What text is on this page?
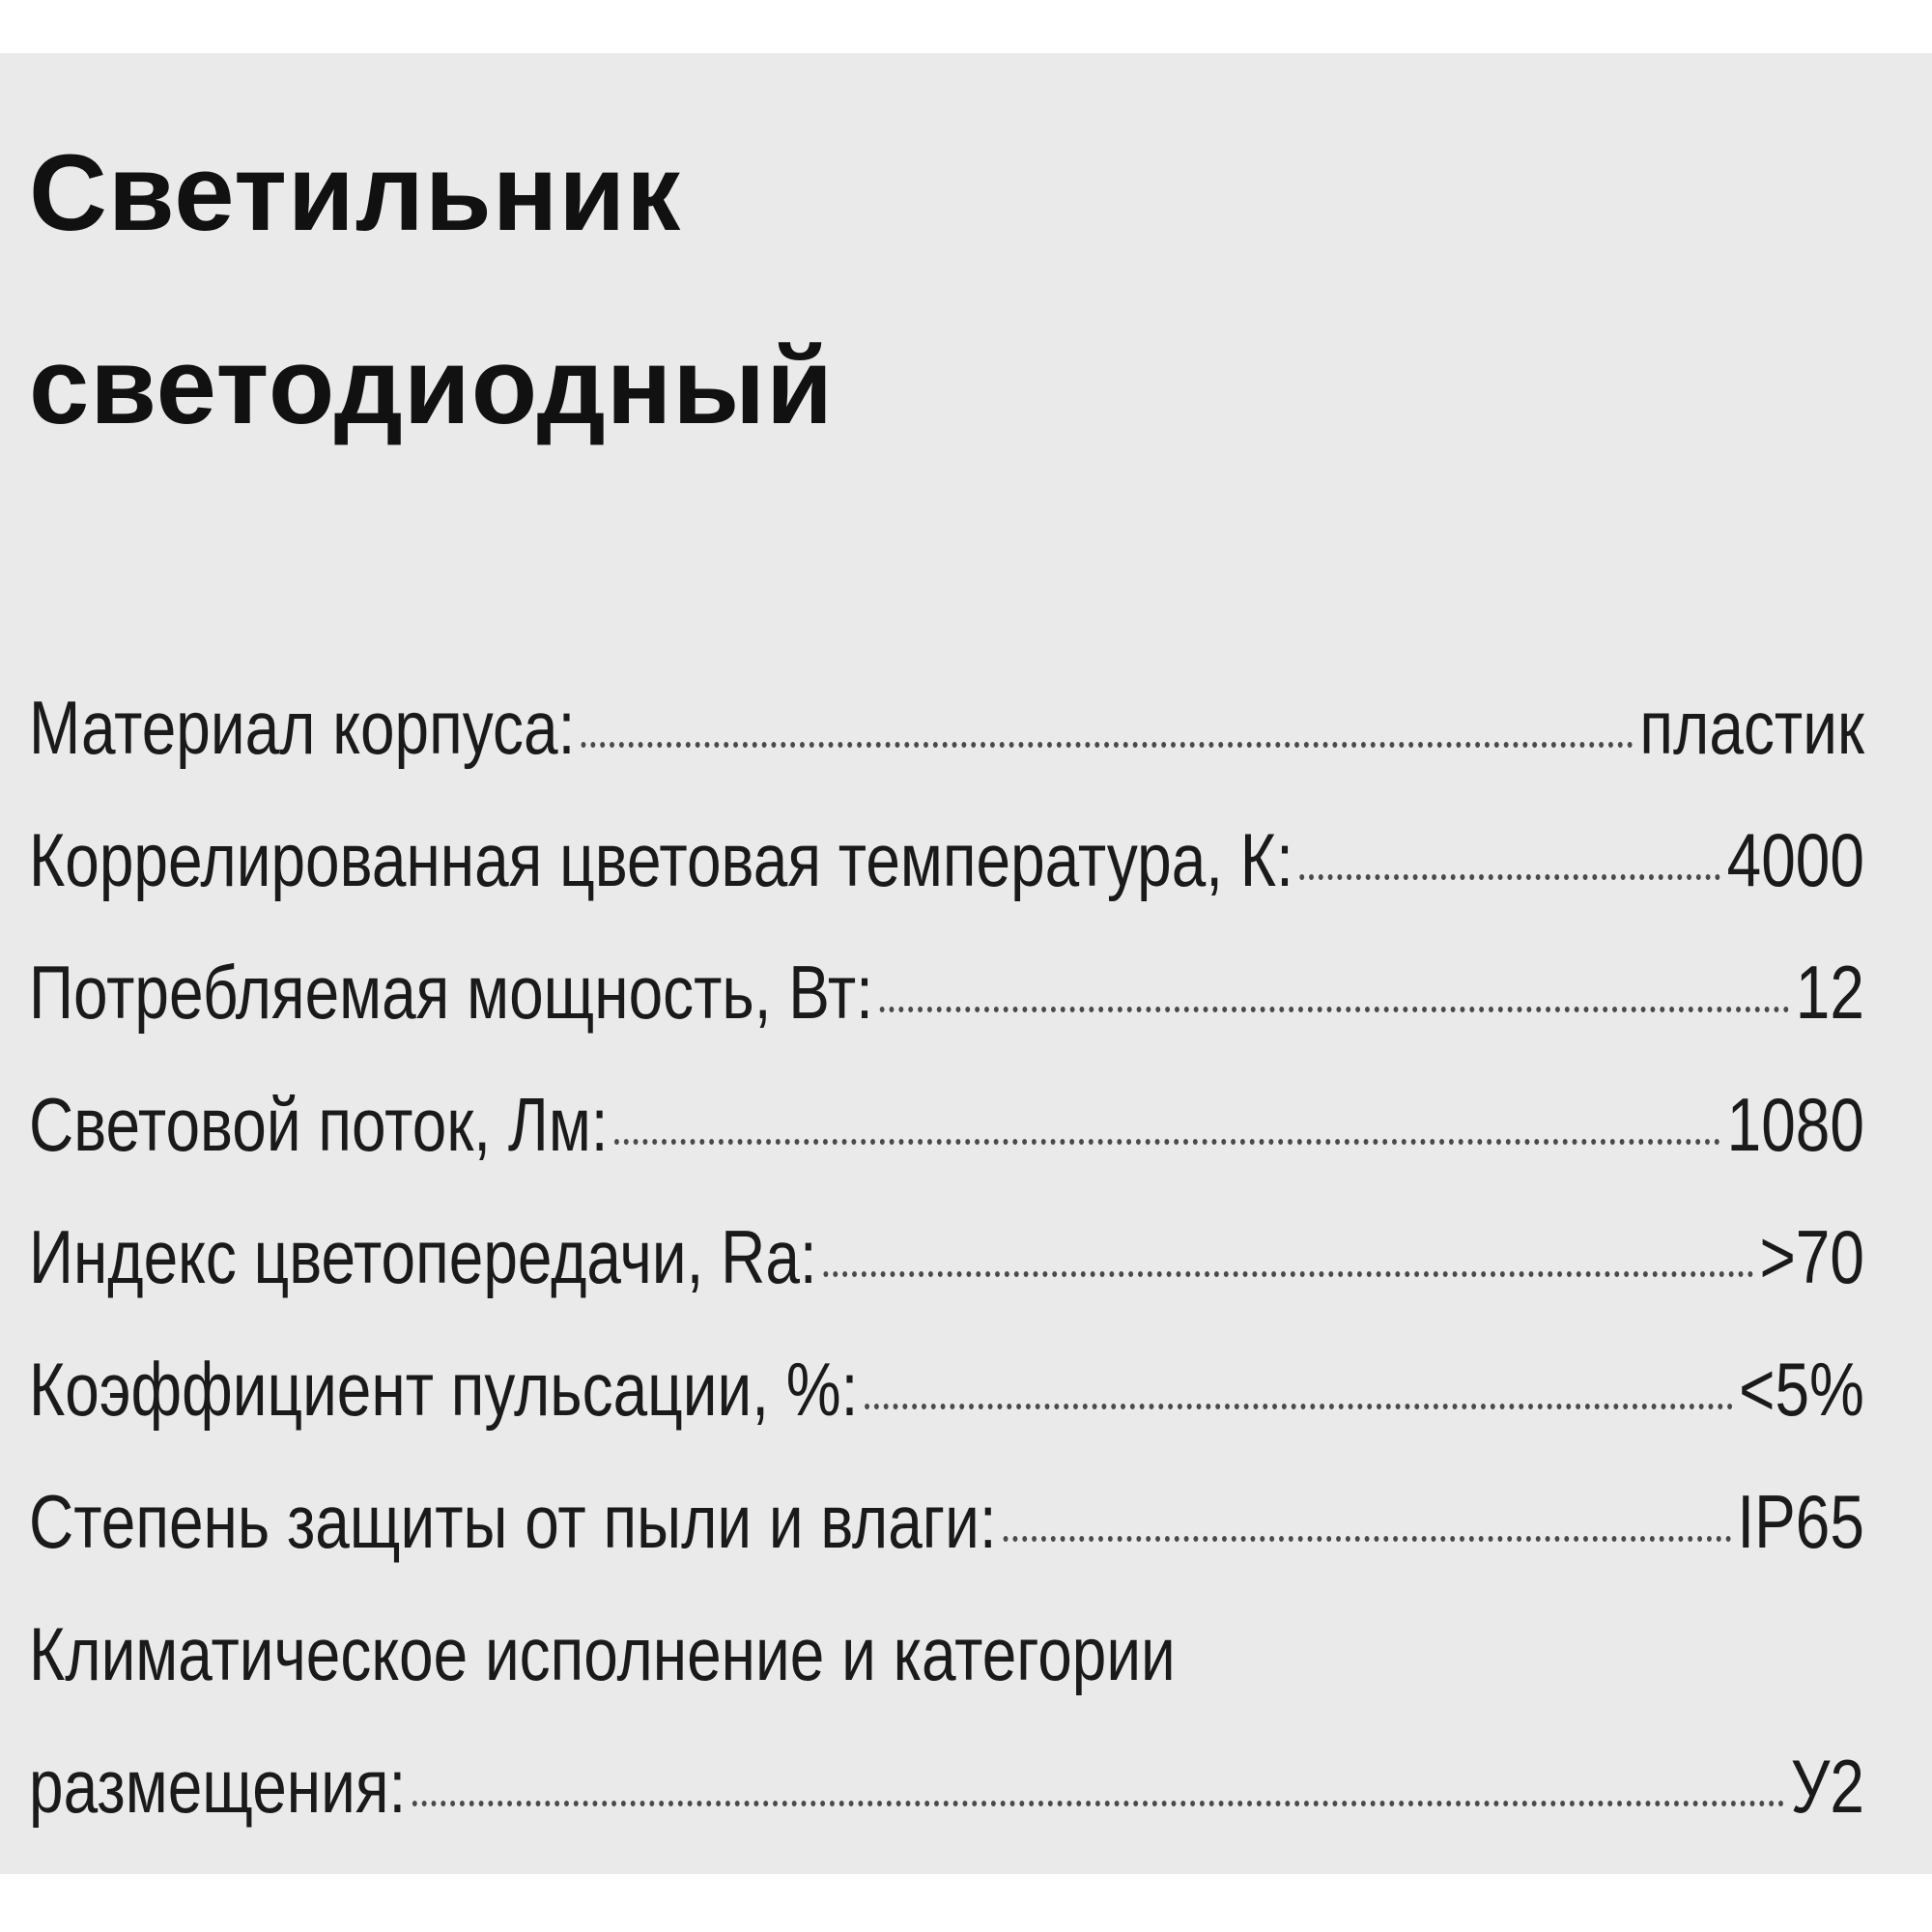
Светильник
светодиодный
Материал корпуса:	пластик
Коррелированная цветовая температура, К:	4000
Потребляемая мощность, Вт:	12
Световой поток, Лм:	1080
Индекс цветопередачи, Ra:	>70
Коэффициент пульсации, %:	<5%
Степень защиты от пыли и влаги:	IP65
Климатическое исполнение и категории
размещения:	У2
